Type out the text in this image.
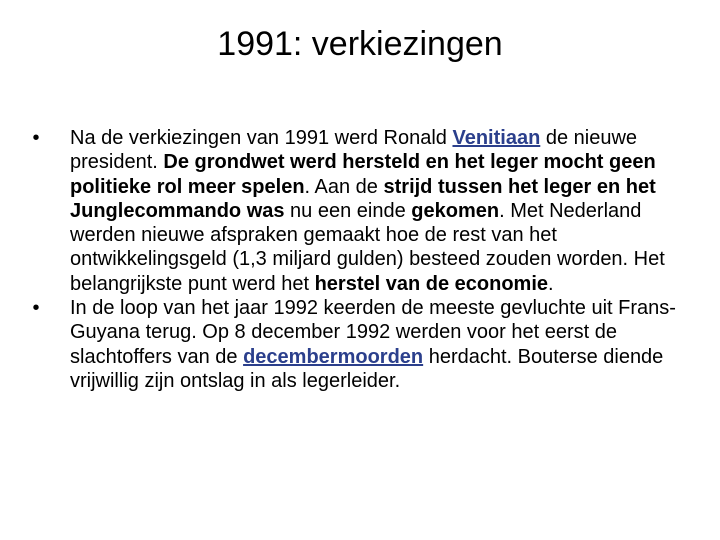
1991: verkiezingen
•	Na de verkiezingen van 1991 werd Ronald Venitiaan de nieuwe president. De grondwet werd hersteld en het leger mocht geen politieke rol meer spelen. Aan de strijd tussen het leger en het Junglecommando was nu een einde gekomen. Met Nederland werden nieuwe afspraken gemaakt hoe de rest van het ontwikkelingsgeld (1,3 miljard gulden) besteed zouden worden. Het belangrijkste punt werd het herstel van de economie.
•	In de loop van het jaar 1992 keerden de meeste gevluchte uit Frans-Guyana terug. Op 8 december 1992 werden voor het eerst de slachtoffers van de decembermoorden herdacht. Bouterse diende vrijwillig zijn ontslag in als legerleider.
